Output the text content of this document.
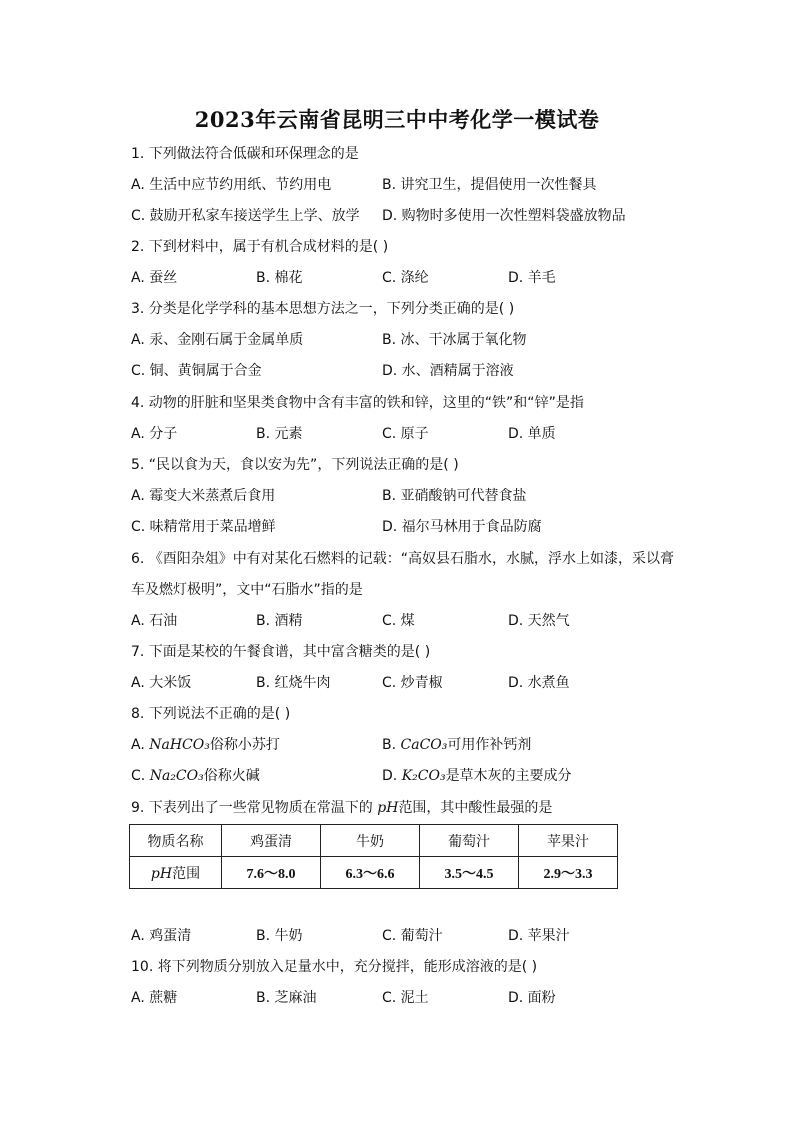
2023年云南省昆明三中中考化学一模试卷
1. 下列做法符合低碳和环保理念的是
A. 生活中应节约用纸、节约用电	B. 讲究卫生，提倡使用一次性餐具
C. 鼓励开私家车接送学生上学、放学 D. 购物时多使用一次性塑料袋盛放物品
2. 下到材料中，属于有机合成材料的是( )
A. 蚕丝	B. 棉花	C. 涤纶	D. 羊毛
3. 分类是化学学科的基本思想方法之一，下列分类正确的是( )
A. 汞、金刚石属于金属单质	B. 冰、干冰属于氧化物
C. 铜、黄铜属于合金	D. 水、酒精属于溶液
4. 动物的肝脏和坚果类食物中含有丰富的铁和锌，这里的“铁”和“锌”是指
A. 分子	B. 元素	C. 原子	D. 单质
5. “民以食为天，食以安为先”，下列说法正确的是( )
A. 霉变大米蒸煮后食用	B. 亚硝酸钠可代替食盐
C. 味精常用于菜品增鲜	D. 福尔马林用于食品防腐
6. 《酉阳杂俎》中有对某化石燃料的记载：“高奴县石脂水，水腻，浮水上如漆，采以膏
车及燃灯极明”，文中“石脂水”指的是
A. 石油	B. 酒精	C. 煤	D. 天然气
7. 下面是某校的午餐食谱，其中富含糖类的是( )
A. 大米饭	B. 红烧牛肉	C. 炒青椒	D. 水煮鱼
8. 下列说法不正确的是( )
A. NaHCO₃俗称小苏打	B. CaCO₃可用作补钙剂
C. Na₂CO₃俗称火碱	D. K₂CO₃是草木灰的主要成分
9. 下表列出了一些常见物质在常温下的 pH范围，其中酸性最强的是
物质名称	鸡蛋清	牛奶	葡萄汁	苹果汁
pH范围	7.6～8.0	6.3～6.6	3.5～4.5	2.9～3.3
A. 鸡蛋清	B. 牛奶	C. 葡萄汁	D. 苹果汁
10. 将下列物质分别放入足量水中，充分搅拌，能形成溶液的是( )
A. 蔗糖	B. 芝麻油	C. 泥土	D. 面粉
